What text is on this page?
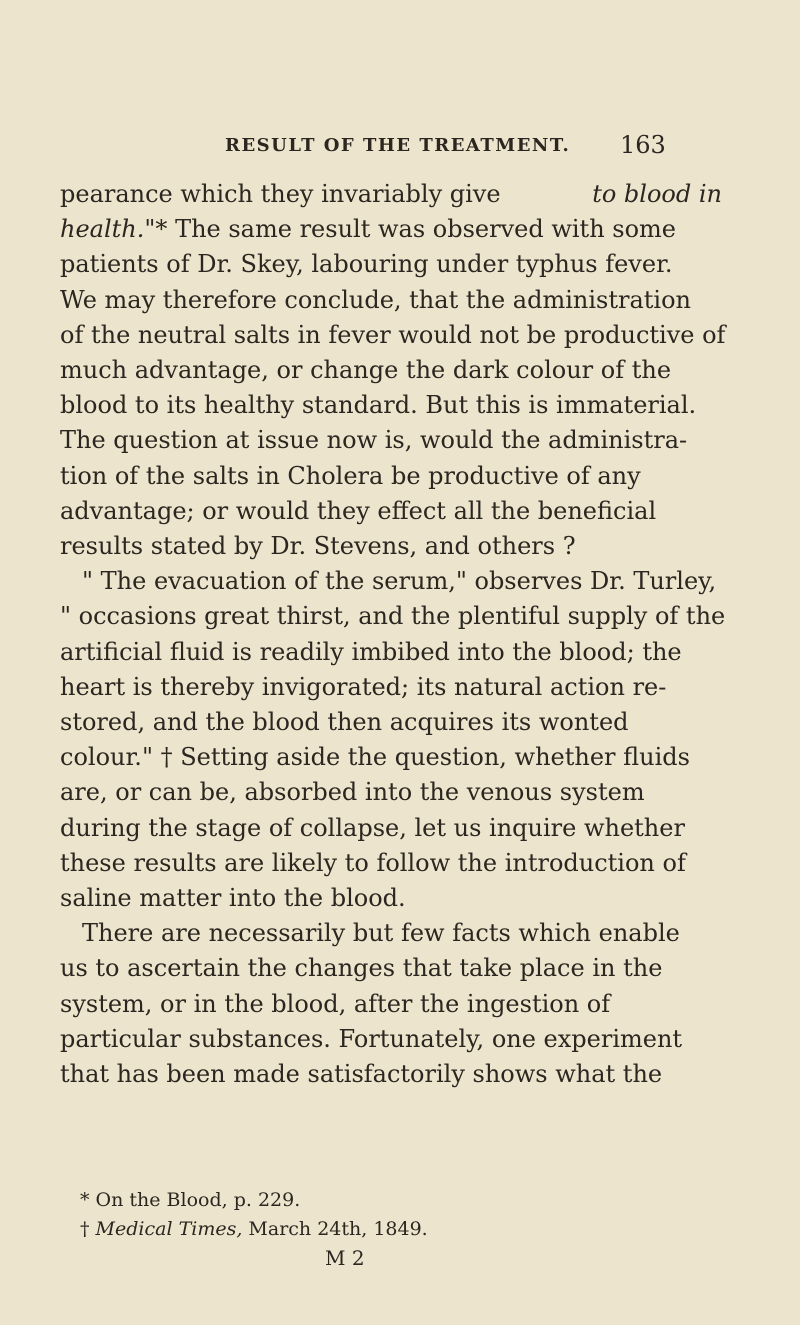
RESULT OF THE TREATMENT. 163
pearance which they invariably give	to blood in
health."* The same result was observed with some
patients of Dr. Skey, labouring under typhus fever.
We may therefore conclude, that the administration
of the neutral salts in fever would not be productive of
much advantage, or change the dark colour of the
blood to its healthy standard. But this is immaterial.
The question at issue now is, would the administra-
tion of the salts in Cholera be productive of any
advantage; or would they effect all the beneficial
results stated by Dr. Stevens, and others ?
" The evacuation of the serum," observes Dr. Turley,
" occasions great thirst, and the plentiful supply of the
artificial fluid is readily imbibed into the blood; the
heart is thereby invigorated; its natural action re-
stored, and the blood then acquires its wonted
colour." † Setting aside the question, whether fluids
are, or can be, absorbed into the venous system
during the stage of collapse, let us inquire whether
these results are likely to follow the introduction of
saline matter into the blood.
There are necessarily but few facts which enable
us to ascertain the changes that take place in the
system, or in the blood, after the ingestion of
particular substances. Fortunately, one experiment
that has been made satisfactorily shows what the
* On the Blood, p. 229.
† Medical Times, March 24th, 1849.
M 2
